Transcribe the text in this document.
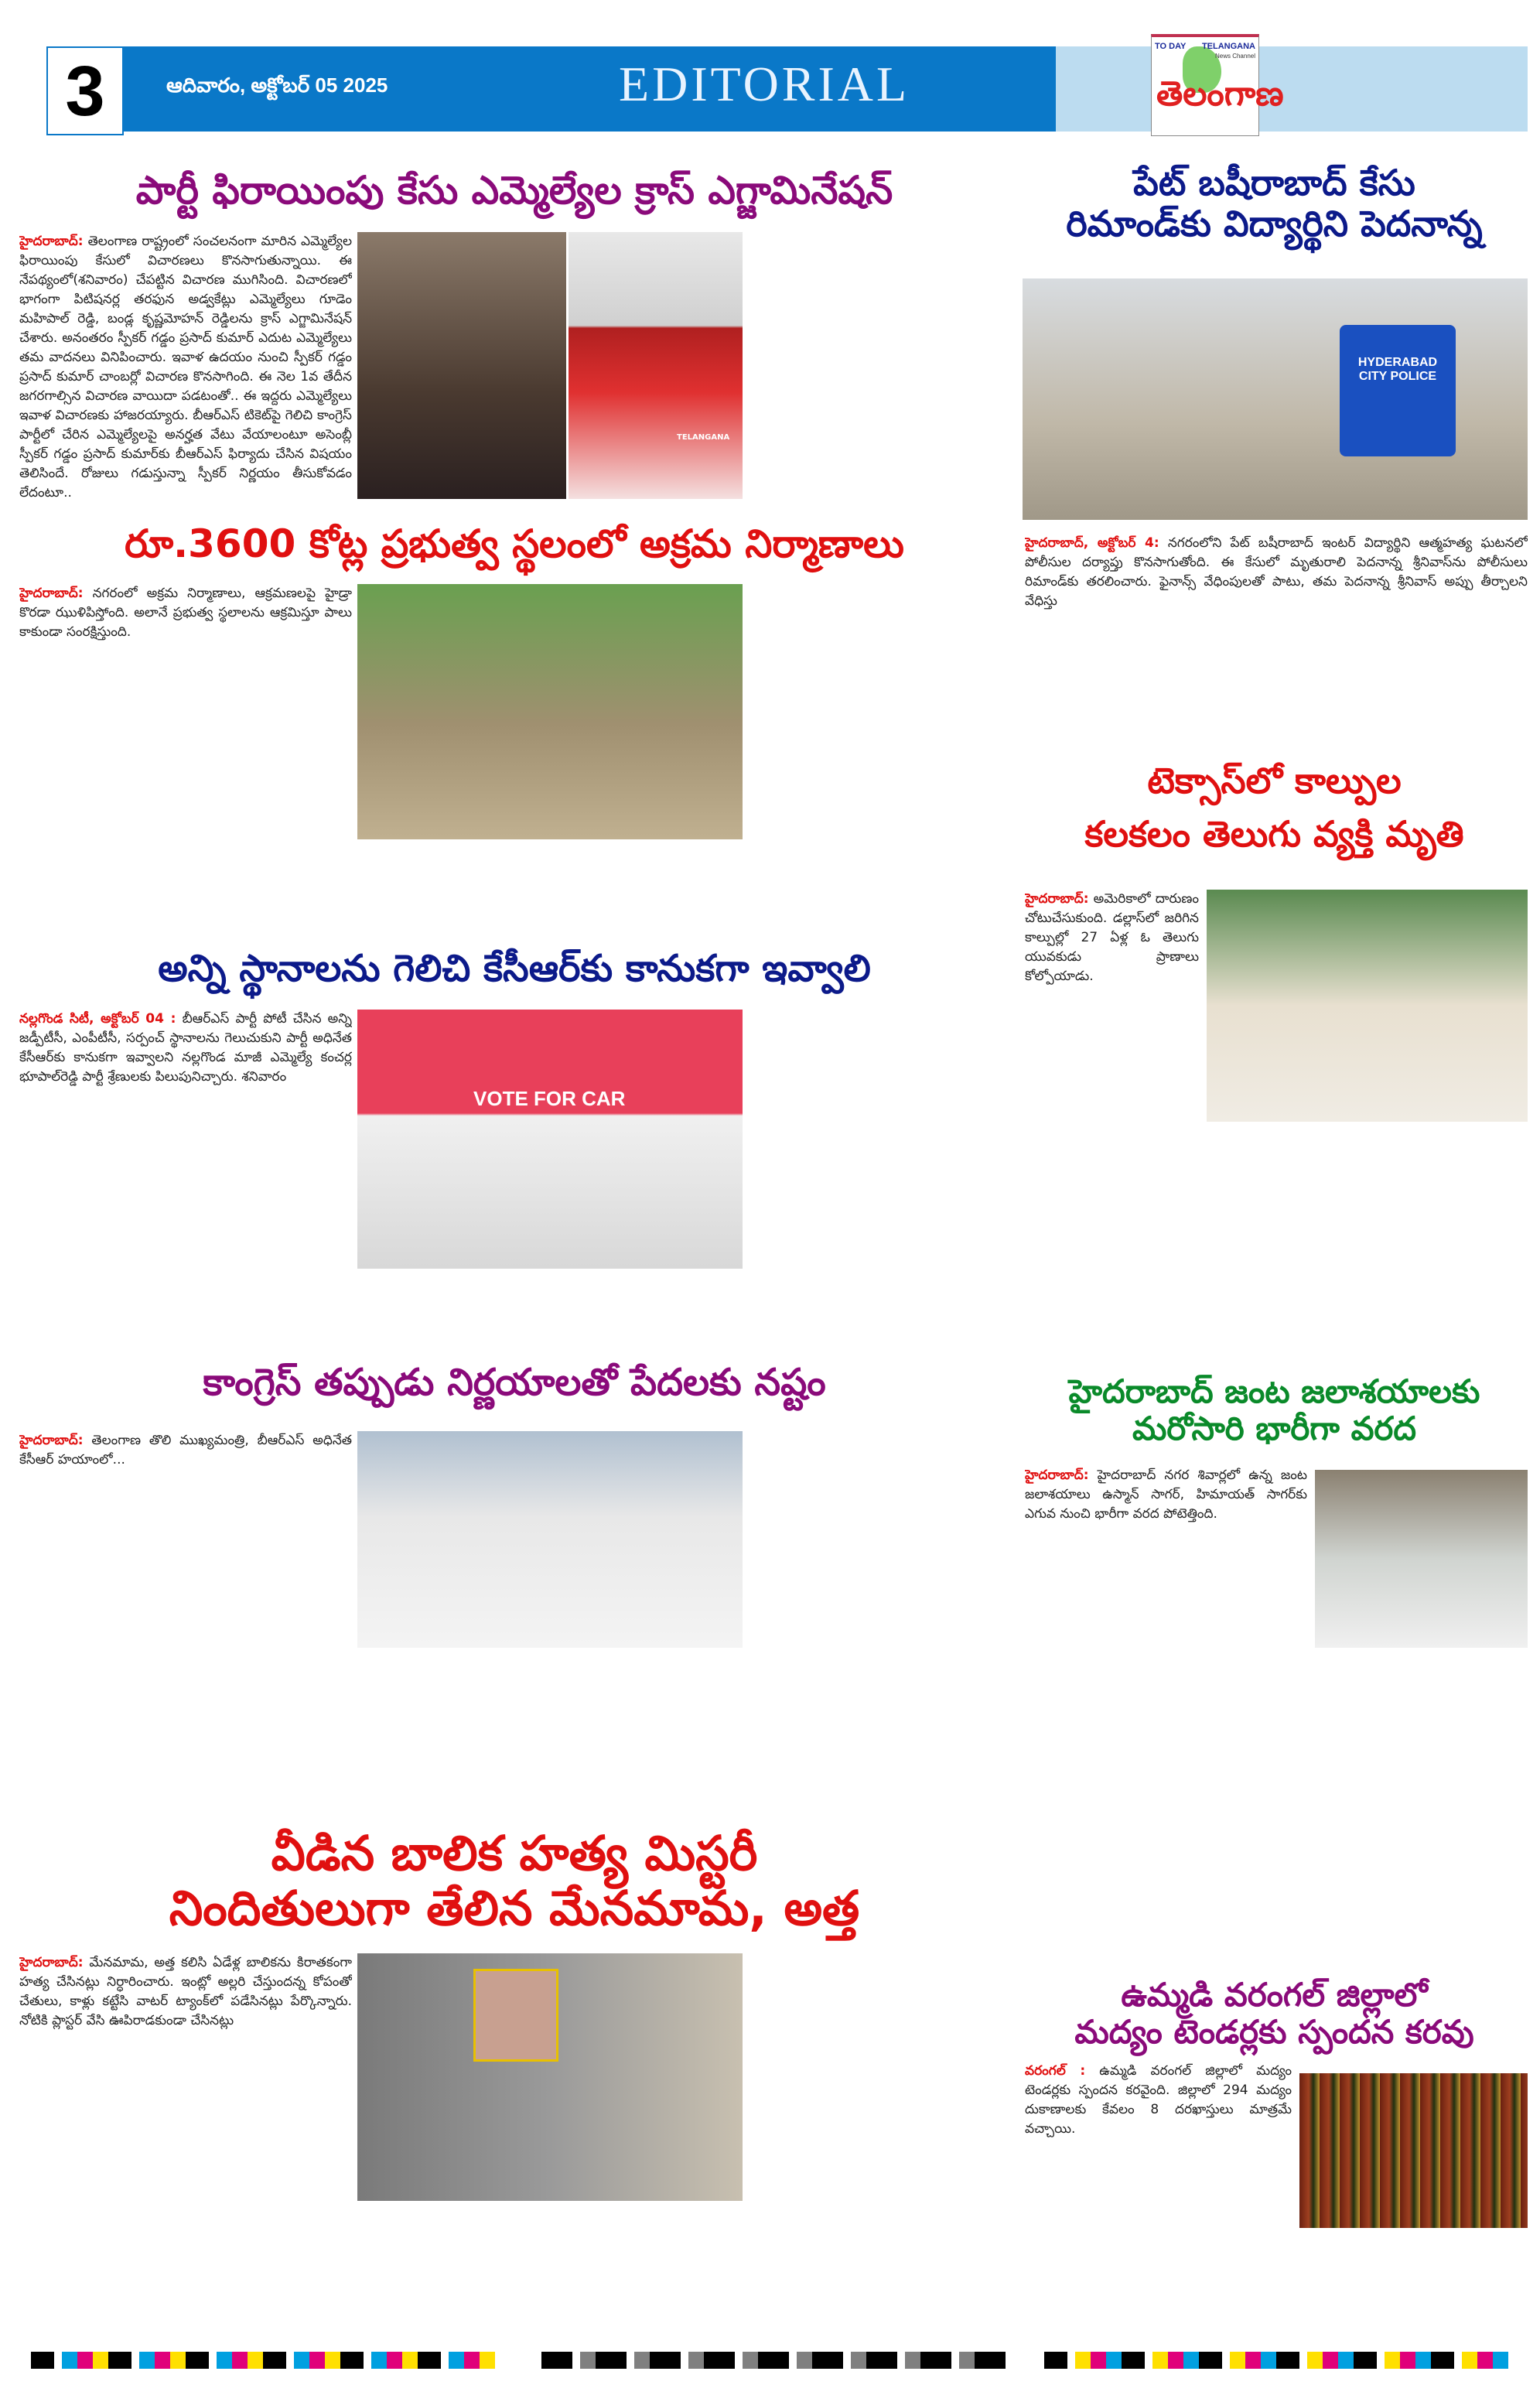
3	ఆదివారం, అక్టోబర్ 05 2025	EDITORIAL
TO DAY TELANGANA
News Channel
తెలంగాణ
పార్టీ ఫిరాయింపు కేసు ఎమ్మెల్యేల క్రాస్ ఎగ్జామినేషన్
హైదరాబాద్: తెలంగాణ రాష్ట్రంలో సంచలనంగా మారిన ఎమ్మెల్యేల ఫిరాయింపు కేసులో విచారణలు కొనసాగుతున్నాయి. ఈ నేపథ్యంలో(శనివారం) చేపట్టిన విచారణ ముగిసింది. విచారణలో భాగంగా పిటిషనర్ల తరఫున అడ్వకేట్లు ఎమ్మెల్యేలు గూడెం మహిపాల్ రెడ్డి, బండ్ల కృష్ణమోహన్ రెడ్డిలను క్రాస్ ఎగ్జామినేషన్ చేశారు. అనంతరం స్పీకర్ గడ్డం ప్రసాద్ కుమార్ ఎదుట ఎమ్మెల్యేలు తమ వాదనలు వినిపించారు. ఇవాళ ఉదయం నుంచి స్పీకర్ గడ్డం ప్రసాద్ కుమార్ చాంబర్లో విచారణ కొనసాగింది. ఈ నెల 1వ తేదీన జగరగాల్సిన విచారణ వాయిదా పడటంతో.. ఈ ఇద్దరు ఎమ్మెల్యేలు ఇవాళ విచారణకు హాజరయ్యారు. బీఆర్ఎస్ టికెట్‌పై గెలిచి కాంగ్రెస్ పార్టీలో చేరిన ఎమ్మెల్యేలపై అనర్హత వేటు వేయాలంటూ అసెంబ్లీ స్పీకర్ గడ్డం ప్రసాద్ కుమార్‌కు బీఆర్ఎస్ ఫిర్యాదు చేసిన విషయం తెలిసిందే. రోజులు గడుస్తున్నా స్పీకర్ నిర్ణయం తీసుకోవడం లేదంటూ..
TELANGANA
రూ.3600 కోట్ల ప్రభుత్వ స్థలంలో అక్రమ నిర్మాణాలు
హైదరాబాద్: నగరంలో అక్రమ నిర్మాణాలు, ఆక్రమణలపై హైడ్రా కొరడా ఝుళిపిస్తోంది. అలానే ప్రభుత్వ స్థలాలను ఆక్రమిస్తూ పాలు కాకుండా సంరక్షిస్తుంది.
అన్ని స్థానాలను గెలిచి కేసీఆర్‌కు కానుకగా ఇవ్వాలి
నల్లగొండ సిటీ, అక్టోబర్ 04 : బీఆర్ఎస్ పార్టీ పోటీ చేసిన అన్ని జడ్పీటీసీ, ఎంపీటీసీ, సర్పంచ్ స్థానాలను గెలుచుకుని పార్టీ అధినేత కేసీఆర్‌కు కానుకగా ఇవ్వాలని నల్లగొండ మాజీ ఎమ్మెల్యే కంచర్ల భూపాల్‌రెడ్డి పార్టీ శ్రేణులకు పిలుపునిచ్చారు. శనివారం
VOTE FOR CAR
కాంగ్రెస్ తప్పుడు నిర్ణయాలతో పేదలకు నష్టం
హైదరాబాద్: తెలంగాణ తొలి ముఖ్యమంత్రి, బీఆర్ఎస్ అధినేత కేసీఆర్ హయాంలో...
వీడిన బాలిక హత్య మిస్టరీ
నిందితులుగా తేలిన మేనమామ, అత్త
హైదరాబాద్: మేనమామ, అత్త కలిసి ఏడేళ్ల బాలికను కిరాతకంగా హత్య చేసినట్లు నిర్ధారించారు. ఇంట్లో అల్లరి చేస్తుందన్న కోపంతో చేతులు, కాళ్లు కట్టేసి వాటర్ ట్యాంక్‌లో పడేసినట్లు పేర్కొన్నారు. నోటికి ప్లాస్టర్ వేసి ఊపిరాడకుండా చేసినట్లు
పేట్ బషీరాబాద్ కేసు
రిమాండ్‌కు విద్యార్థిని పెదనాన్న
HYDERABAD CITY POLICE
హైదరాబాద్, అక్టోబర్ 4: నగరంలోని పేట్ బషీరాబాద్ ఇంటర్ విద్యార్థిని ఆత్మహత్య ఘటనలో పోలీసుల దర్యాప్తు కొనసాగుతోంది. ఈ కేసులో మృతురాలి పెదనాన్న శ్రీనివాస్‌ను పోలీసులు రిమాండ్‌కు తరలించారు. ఫైనాన్స్ వేధింపులతో పాటు, తమ పెదనాన్న శ్రీనివాస్ అప్పు తీర్చాలని వేధిస్తు
టెక్సాస్‌లో కాల్పుల
కలకలం తెలుగు వ్యక్తి మృతి
హైదరాబాద్: అమెరికాలో దారుణం చోటుచేసుకుంది. డల్లాస్‌లో జరిగిన కాల్పుల్లో 27 ఏళ్ల ఓ తెలుగు యువకుడు ప్రాణాలు కోల్పోయాడు.
హైదరాబాద్ జంట జలాశయాలకు
మరోసారి భారీగా వరద
హైదరాబాద్: హైదరాబాద్ నగర శివార్లలో ఉన్న జంట జలాశయాలు ఉస్మాన్ సాగర్, హిమాయత్ సాగర్‌కు ఎగువ నుంచి భారీగా వరద పోటెత్తింది.
ఉమ్మడి వరంగల్ జిల్లాలో
మద్యం టెండర్లకు స్పందన కరవు
వరంగల్ : ఉమ్మడి వరంగల్ జిల్లాలో మద్యం టెండర్లకు స్పందన కరవైంది. జిల్లాలో 294 మద్యం దుకాణాలకు కేవలం 8 దరఖాస్తులు మాత్రమే వచ్చాయి.
